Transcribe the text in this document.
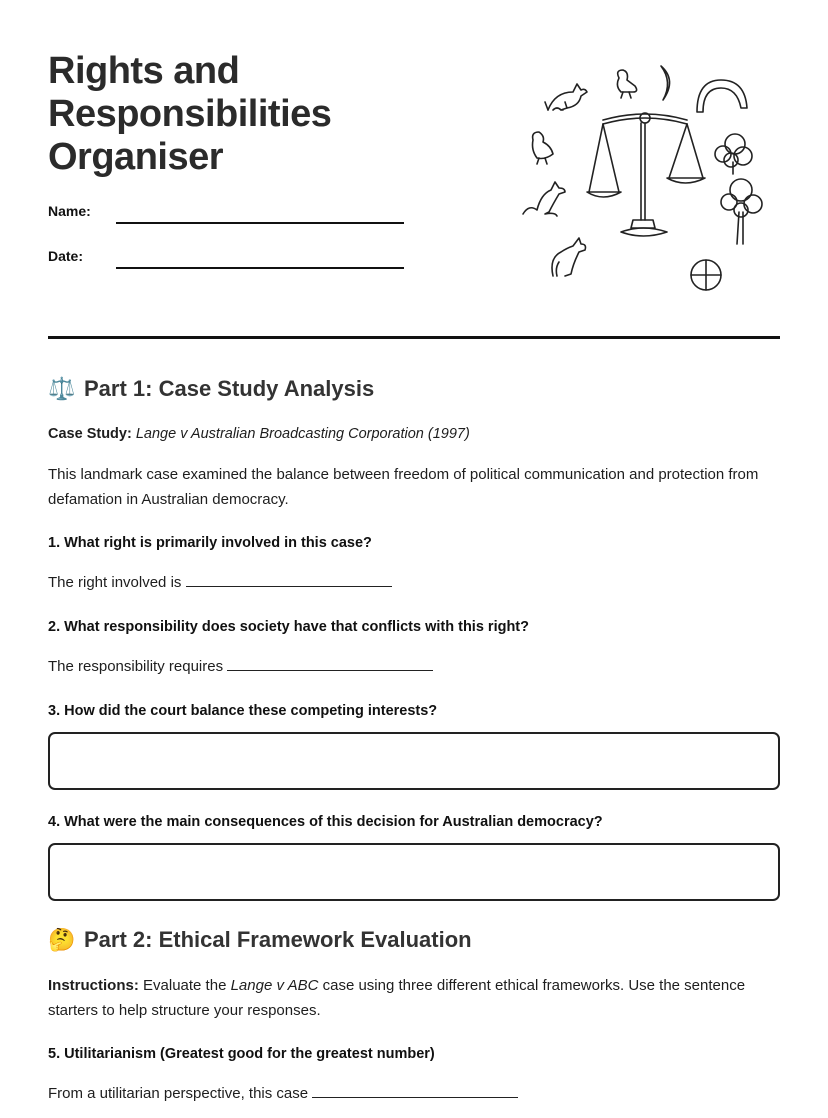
Rights and
Responsibilities
Organiser
Name:
Date:
⚖️ Part 1: Case Study Analysis
Case Study: Lange v Australian Broadcasting Corporation (1997)
This landmark case examined the balance between freedom of political communication and protection from defamation in Australian democracy.
1. What right is primarily involved in this case?
The right involved is
2. What responsibility does society have that conflicts with this right?
The responsibility requires
3. How did the court balance these competing interests?
4. What were the main consequences of this decision for Australian democracy?
🤔 Part 2: Ethical Framework Evaluation
Instructions: Evaluate the Lange v ABC case using three different ethical frameworks. Use the sentence starters to help structure your responses.
5. Utilitarianism (Greatest good for the greatest number)
From a utilitarian perspective, this case
